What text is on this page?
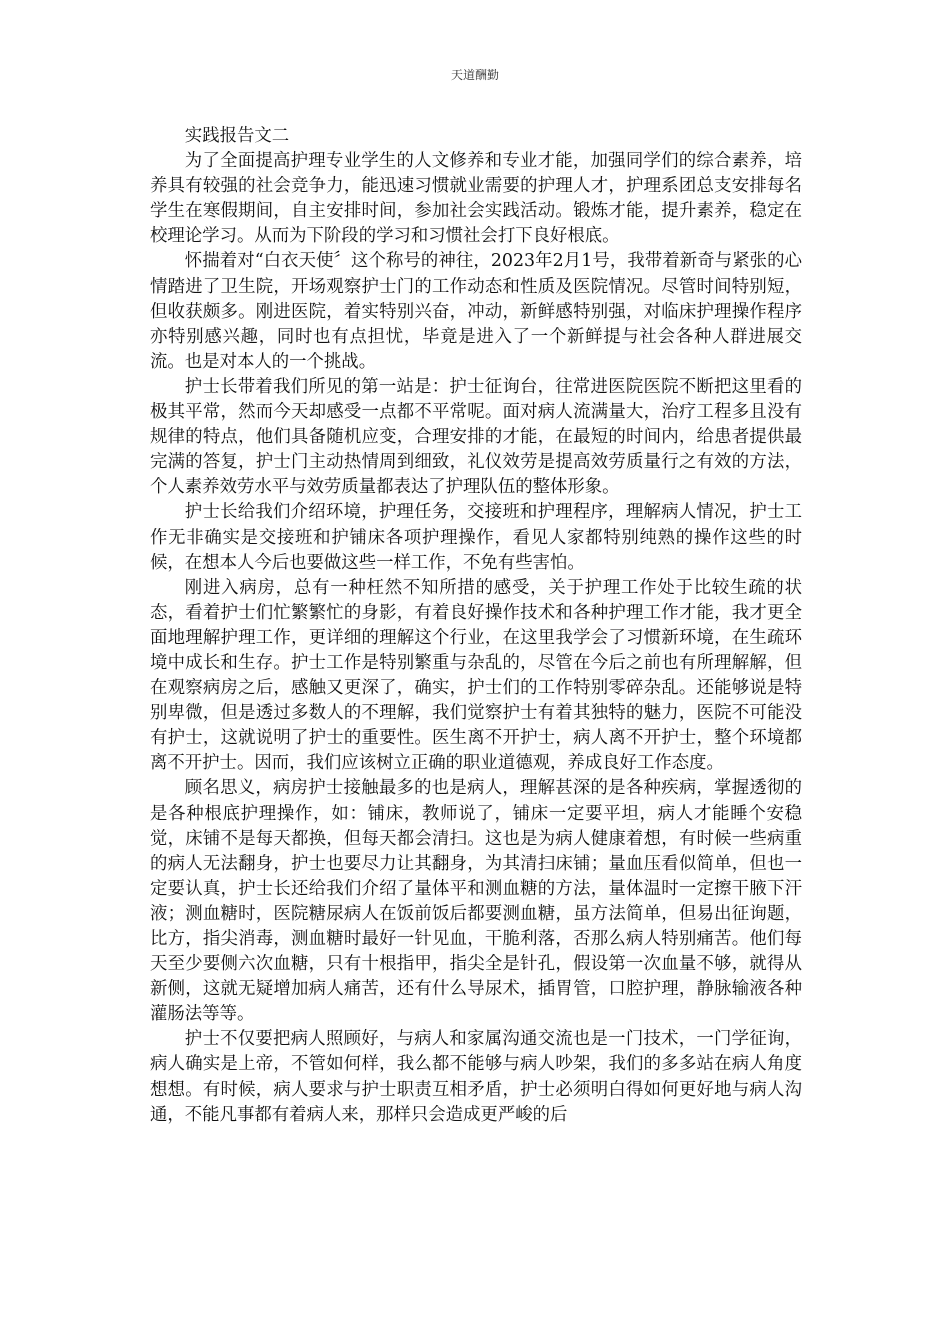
天道酬勤

实践报告文二

为了全面提高护理专业学生的人文修养和专业才能，加强同学们的综合素养，培养具有较强的社会竞争力，能迅速习惯就业需要的护理人才，护理系团总支安排每名学生在寒假期间，自主安排时间，参加社会实践活动。锻炼才能，提升素养，稳定在校理论学习。从而为下阶段的学习和习惯社会打下良好根底。

怀揣着对“白衣天使〞这个称号的神往，2023年2月1号，我带着新奇与紧张的心情踏进了卫生院，开场观察护士门的工作动态和性质及医院情况。尽管时间特别短，但收获颇多。刚进医院，着实特别兴奋，冲动，新鲜感特别强，对临床护理操作程序亦特别感兴趣，同时也有点担忧，毕竟是进入了一个新鲜提与社会各种人群进展交流。也是对本人的一个挑战。

护士长带着我们所见的第一站是：护士征询台，往常进医院医院不断把这里看的极其平常，然而今天却感受一点都不平常呢。面对病人流满量大，治疗工程多且没有规律的特点，他们具备随机应变，合理安排的才能，在最短的时间内，给患者提供最完满的答复，护士门主动热情周到细致，礼仪效劳是提高效劳质量行之有效的方法，个人素养效劳水平与效劳质量都表达了护理队伍的整体形象。

护士长给我们介绍环境，护理任务，交接班和护理程序，理解病人情况，护士工作无非确实是交接班和护铺床各项护理操作，看见人家都特别纯熟的操作这些的时候，在想本人今后也要做这些一样工作，不免有些害怕。

刚进入病房，总有一种枉然不知所措的感受，关于护理工作处于比较生疏的状态，看着护士们忙繁繁忙的身影，有着良好操作技术和各种护理工作才能，我才更全面地理解护理工作，更详细的理解这个行业，在这里我学会了习惯新环境，在生疏环境中成长和生存。护士工作是特别繁重与杂乱的，尽管在今后之前也有所理解解，但在观察病房之后，感触又更深了，确实，护士们的工作特别零碎杂乱。还能够说是特别卑微，但是透过多数人的不理解，我们觉察护士有着其独特的魅力，医院不可能没有护士，这就说明了护士的重要性。医生离不开护士，病人离不开护士，整个环境都离不开护士。因而，我们应该树立正确的职业道德观，养成良好工作态度。

顾名思义，病房护士接触最多的也是病人，理解甚深的是各种疾病，掌握透彻的是各种根底护理操作，如：铺床，教师说了，铺床一定要平坦，病人才能睡个安稳觉，床铺不是每天都换，但每天都会清扫。这也是为病人健康着想，有时候一些病重的病人无法翻身，护士也要尽力让其翻身，为其清扫床铺；量血压看似简单，但也一定要认真，护士长还给我们介绍了量体平和测血糖的方法，量体温时一定擦干腋下汗液；测血糖时，医院糖尿病人在饭前饭后都要测血糖，虽方法简单，但易出征询题，比方，指尖消毒，测血糖时最好一针见血，干脆利落，否那么病人特别痛苦。他们每天至少要侧六次血糖，只有十根指甲，指尖全是针孔，假设第一次血量不够，就得从新侧，这就无疑增加病人痛苦，还有什么导尿术，插胃管，口腔护理，静脉输液各种灌肠法等等。

护士不仅要把病人照顾好，与病人和家属沟通交流也是一门技术，一门学征询，病人确实是上帝，不管如何样，我么都不能够与病人吵架，我们的多多站在病人角度想想。有时候，病人要求与护士职责互相矛盾，护士必须明白得如何更好地与病人沟通，不能凡事都有着病人来，那样只会造成更严峻的后
